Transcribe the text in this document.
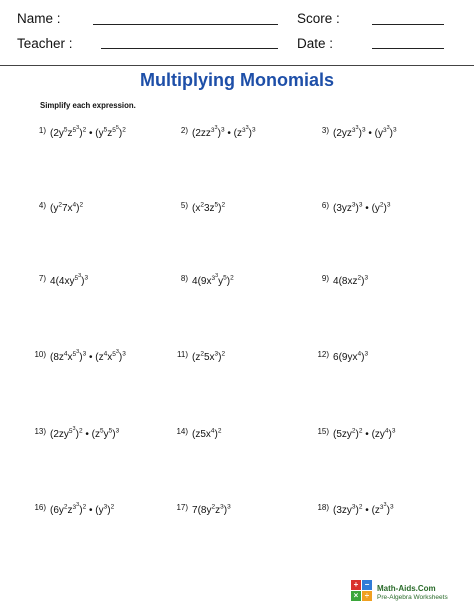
Name :	Score :
Teacher :	Date :
Multiplying Monomials
Simplify each expression.
1) $(2y^5z^{5^3})^2$ • $(y^5z^{5^5})^2$	2) $(2zz^{3^3})^3$ • $(z^{3^3})^3$	3) $(2yz^{3^3})^3$ • $(y^{3^3})^3$
4) $(y^27x^4)^2$	5) $(x^23z^5)^2$	6) $(3yz^3)^3$ • $(y^2)^3$
7) $4(4xy^{5^3})^3$	8) $4(9x^{3^3}y^5)^2$	9) $4(8xz^2)^3$
10) $(8z^4x^{5^3})^3$ • $(z^4x^{5^3})^3$	11) $(z^25x^3)^2$	12) $6(9yx^4)^3$
13) $(2zy^{5^3})^2$ • $(z^5y^5)^3$	14) $(z5x^4)^2$	15) $(5zy^2)^2$ • $(zy^4)^3$
16) $(6y^2z^{3^3})^2$ • $(y^3)^2$	17) $7(8y^2z^3)^3$	18) $(3zy^3)^2$ • $(z^{3^3})^3$
+ −
× ÷
Math-Aids.Com
Pre-Algebra Worksheets
